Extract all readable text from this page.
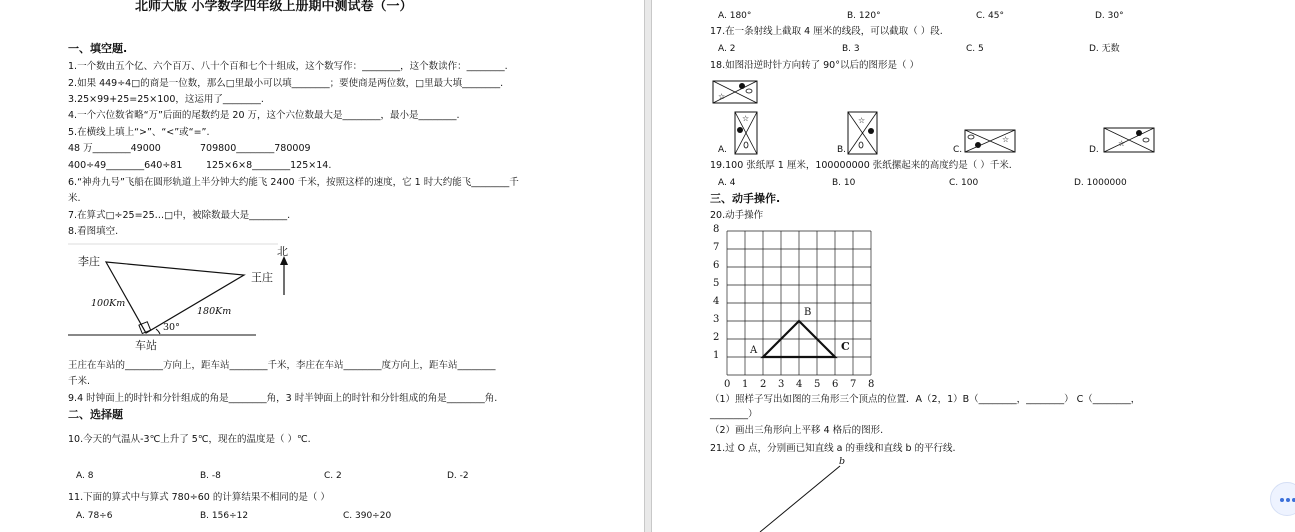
北师大版 小学数学四年级上册期中测试卷（一）
一、填空题.
1.一个数由五个亿、六个百万、八十个百和七个十组成，这个数写作：________，这个数读作：________.
2.如果 449÷4□的商是一位数，那么□里最小可以填________；要使商是两位数，□里最大填________.
3.25×99+25=25×100，这运用了________.
4.一个六位数省略“万”后面的尾数约是 20 万，这个六位数最大是________，最小是________.
5.在横线上填上“>”、“<”或“=”.
48 万________49000	709800________780009
400÷49________640÷81 125×6×8________125×14.
6.“神舟九号”飞船在圆形轨道上半分钟大约能飞 2400 千米，按照这样的速度，它 1 时大约能飞________千
米.
7.在算式□÷25=25…□中，被除数最大是________.
8.看图填空.
北
李庄
王庄
车站
100Km
180Km
30°
王庄在车站的________方向上，距车站________千米，李庄在车站________度方向上，距车站________
千米.
9.4 时钟面上的时针和分针组成的角是________角，3 时半钟面上的时针和分针组成的角是________角.
二、选择题
10.今天的气温从-3℃上升了 5℃，现在的温度是（ ）℃.
A. 8	B. -8	C. 2	D. -2
11.下面的算式中与算式 780÷60 的计算结果不相同的是（ ）
A. 78÷6	B. 156÷12	C. 390÷20
A. 180°	B. 120°	C. 45°	D. 30°
17.在一条射线上截取 4 厘米的线段，可以截取（ ）段.
A. 2	B. 3	C. 5	D. 无数
18.如图沿逆时针方向转了 90°以后的图形是（ ）
☆
☆	☆
☆	☆
A.	B.	C.	D.
19.100 张纸厚 1 厘米，100000000 张纸摞起来的高度约是（ ）千米.
A. 4	B. 10	C. 100	D. 1000000
三、动手操作.
20.动手操作
8
7
6
5
4
3
2
1
0 1 2 3 4 5 6 7 8
A
B
C
（1）照样子写出如图的三角形三个顶点的位置．A（2，1）B（________，________） C（________，
________）
（2）画出三角形向上平移 4 格后的图形.
21.过 O 点，分别画已知直线 a 的垂线和直线 b 的平行线.
b
